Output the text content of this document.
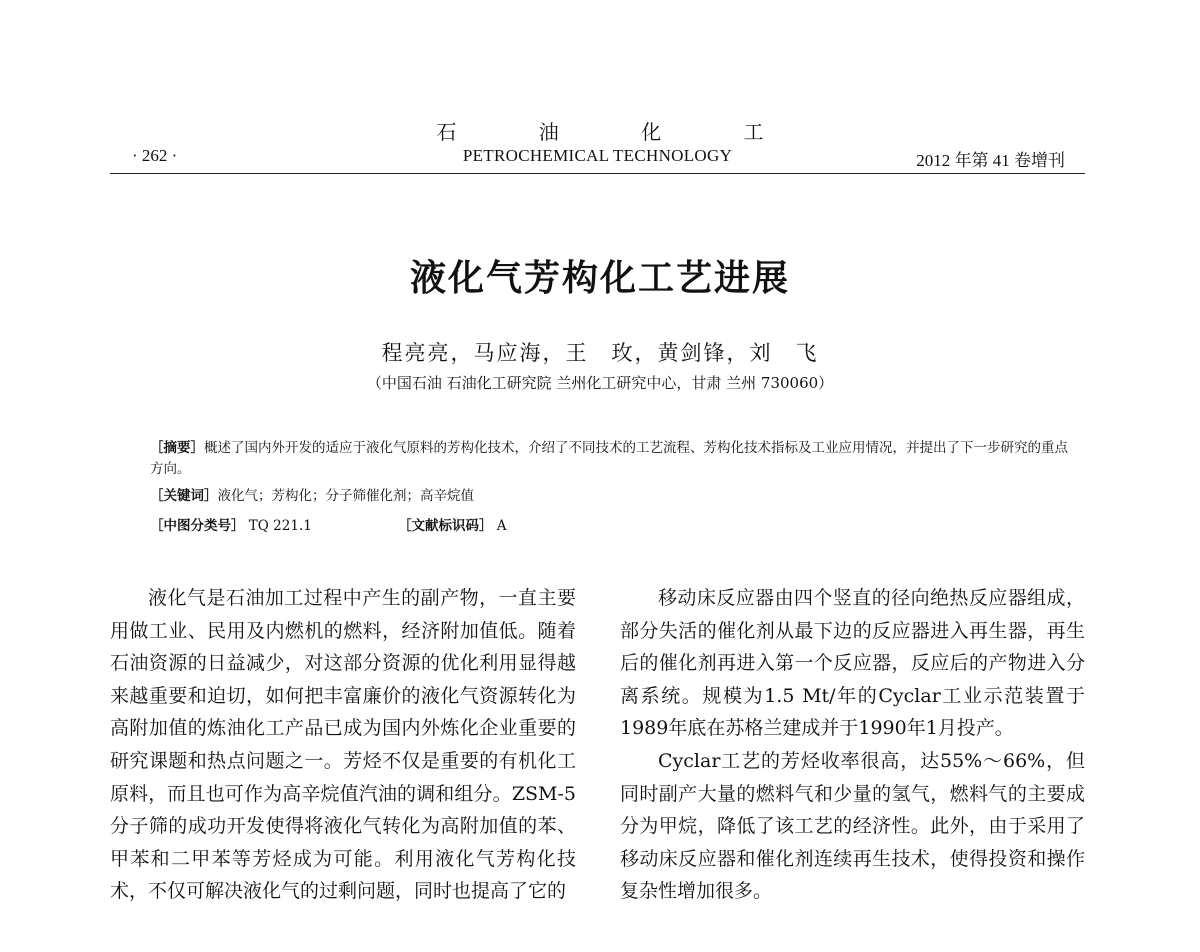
石 油 化 工
· 262 ·	PETROCHEMICAL TECHNOLOGY	2012 年第 41 卷增刊
液化气芳构化工艺进展
程亮亮，马应海，王　玫，黄剑锋，刘　飞
（中国石油 石油化工研究院 兰州化工研究中心，甘肃 兰州 730060）
［摘要］概述了国内外开发的适应于液化气原料的芳构化技术，介绍了不同技术的工艺流程、芳构化技术指标及工业应用情况，并提出了下一步研究的重点方向。
［关键词］液化气；芳构化；分子筛催化剂；高辛烷值
［中图分类号］ TQ 221.1	［文献标识码］ A

液化气是石油加工过程中产生的副产物，一直主要用做工业、民用及内燃机的燃料，经济附加值低。随着石油资源的日益减少，对这部分资源的优化利用显得越来越重要和迫切，如何把丰富廉价的液化气资源转化为高附加值的炼油化工产品已成为国内外炼化企业重要的研究课题和热点问题之一。芳烃不仅是重要的有机化工原料，而且也可作为高辛烷值汽油的调和组分。ZSM-5分子筛的成功开发使得将液化气转化为高附加值的苯、甲苯和二甲苯等芳烃成为可能。利用液化气芳构化技术，不仅可解决液化气的过剩问题，同时也提高了它的

移动床反应器由四个竖直的径向绝热反应器组成，部分失活的催化剂从最下边的反应器进入再生器，再生后的催化剂再进入第一个反应器，反应后的产物进入分离系统。规模为1.5 Mt/年的Cyclar工业示范装置于1989年底在苏格兰建成并于1990年1月投产。

Cyclar工艺的芳烃收率很高，达55%～66%，但同时副产大量的燃料气和少量的氢气，燃料气的主要成分为甲烷，降低了该工艺的经济性。此外，由于采用了移动床反应器和催化剂连续再生技术，使得投资和操作复杂性增加很多。
